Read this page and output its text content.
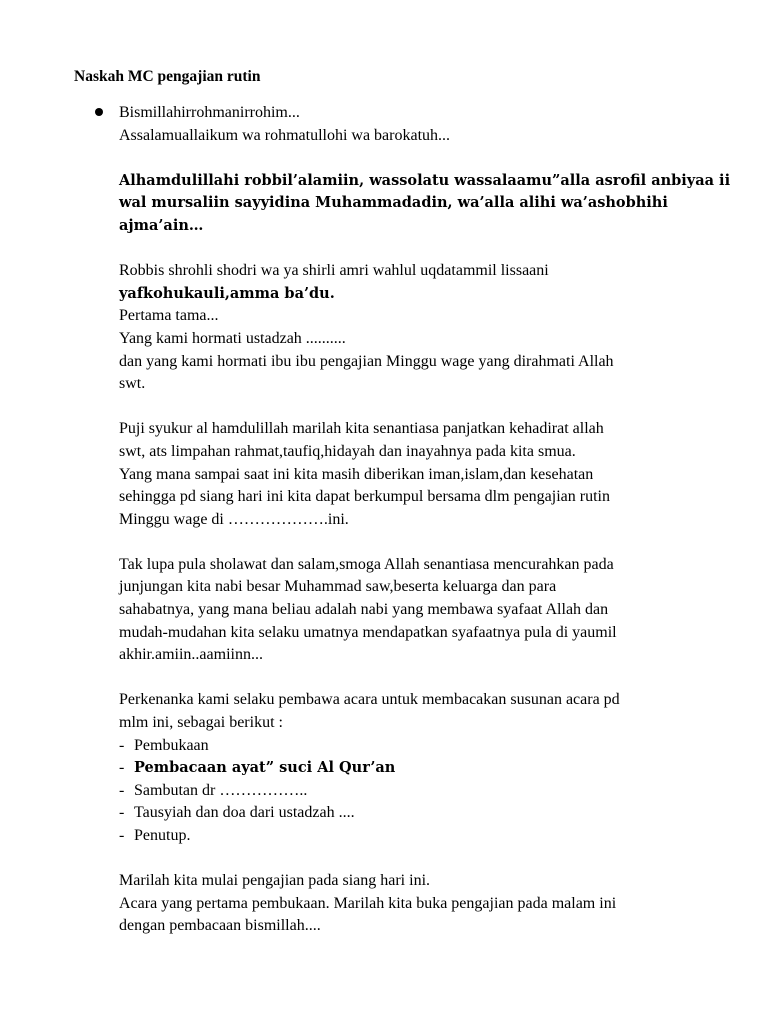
Naskah MC pengajian rutin
Bismillahirrohmanirrohim...
Assalamuallaikum wa rohmatullohi wa barokatuh...
Alhamdulillahi robbil’alamiin, wassolatu wassalaamu”alla asrofil anbiyaa ii
wal mursaliin sayyidina Muhammadadin, wa’alla alihi wa’ashobhihi
ajma’ain…
Robbis shrohli shodri wa ya shirli amri wahlul uqdatammil lissaani
yafkohukauli,amma ba’du.
Pertama tama...
Yang kami hormati ustadzah ..........
dan yang kami hormati ibu ibu pengajian Minggu wage yang dirahmati Allah
swt.
Puji syukur al hamdulillah marilah kita senantiasa panjatkan kehadirat allah
swt, ats limpahan rahmat,taufiq,hidayah dan inayahnya pada kita smua.
Yang mana sampai saat ini kita masih diberikan iman,islam,dan kesehatan
sehingga pd siang hari ini kita dapat berkumpul bersama dlm pengajian rutin
Minggu wage di ……………….ini.
Tak lupa pula sholawat dan salam,smoga Allah senantiasa mencurahkan pada
junjungan kita nabi besar Muhammad saw,beserta keluarga dan para
sahabatnya, yang mana beliau adalah nabi yang membawa syafaat Allah dan
mudah-mudahan kita selaku umatnya mendapatkan syafaatnya pula di yaumil
akhir.amiin..aamiinn...
Perkenanka kami selaku pembawa acara untuk membacakan susunan acara pd
mlm ini, sebagai berikut :
- Pembukaan
- Pembacaan ayat” suci Al Qur’an
- Sambutan dr ……………..
- Tausyiah dan doa dari ustadzah ....
- Penutup.
Marilah kita mulai pengajian pada siang hari ini.
Acara yang pertama pembukaan. Marilah kita buka pengajian pada malam ini
dengan pembacaan bismillah....
